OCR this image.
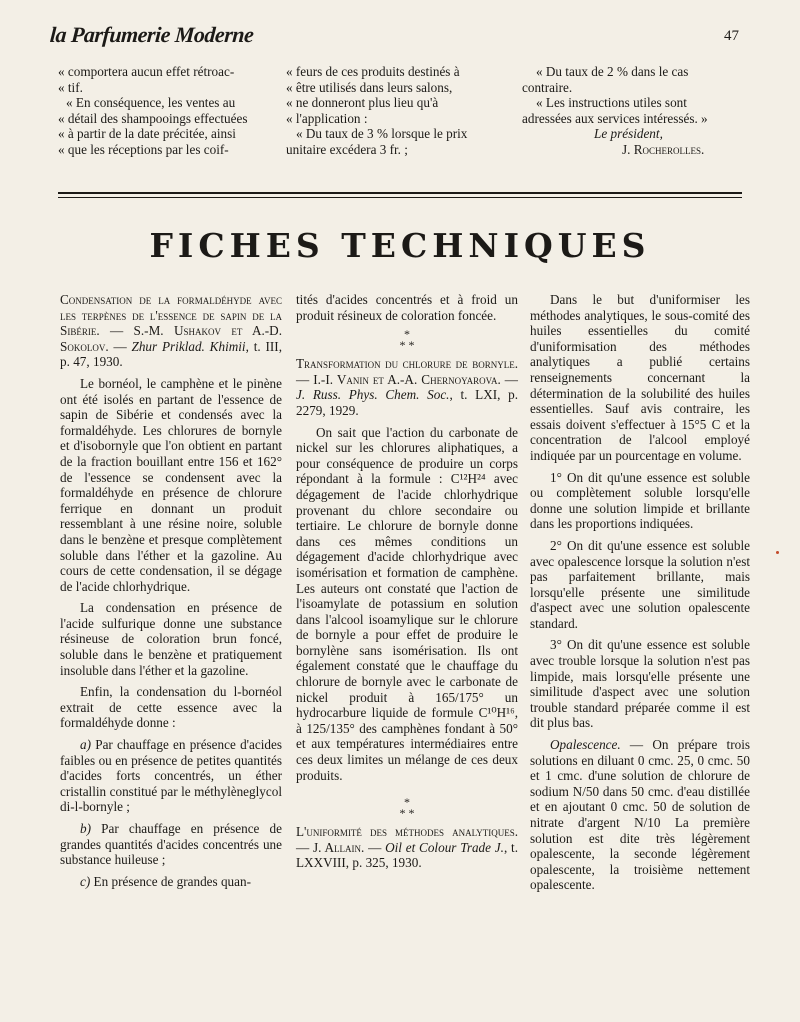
la Parfumerie Moderne	47

« comportera aucun effet rétroac-

« tif.

« En conséquence, les ventes au

« détail des shampooings effectuées

« à partir de la date précitée, ainsi

« que les réceptions par les coif-

« feurs de ces produits destinés à

« être utilisés dans leurs salons,

« ne donneront plus lieu qu'à

« l'application :

« Du taux de 3 % lorsque le prix

unitaire excédera 3 fr. ;

« Du taux de 2 % dans le cas

contraire.

« Les instructions utiles sont

adressées aux services intéressés. »

Le président,

J. Rocherolles.

FICHES TECHNIQUES

Condensation de la formaldéhyde avec les terpènes de l'essence de sapin de la Sibérie. — S.-M. Ushakov et A.-D. Sokolov. — Zhur Priklad. Khimii, t. III, p. 47, 1930.

Le bornéol, le camphène et le pinène ont été isolés en partant de l'essence de sapin de Sibérie et condensés avec la formaldéhyde. Les chlorures de bornyle et d'isobornyle que l'on obtient en partant de la fraction bouillant entre 156 et 162° de l'essence se condensent avec la formaldéhyde en présence de chlorure ferrique en donnant un produit ressemblant à une résine noire, soluble dans le benzène et presque complètement soluble dans l'éther et la gazoline. Au cours de cette condensation, il se dégage de l'acide chlorhydrique.

La condensation en présence de l'acide sulfurique donne une substance résineuse de coloration brun foncé, soluble dans le benzène et pratiquement insoluble dans l'éther et la gazoline.

Enfin, la condensation du l-bornéol extrait de cette essence avec la formaldéhyde donne :

a) Par chauffage en présence d'acides faibles ou en présence de petites quantités d'acides forts concentrés, un éther cristallin constitué par le méthylèneglycol di-l-bornyle ;

b) Par chauffage en présence de grandes quantités d'acides concentrés une substance huileuse ;

c) En présence de grandes quan-

tités d'acides concentrés et à froid un produit résineux de coloration foncée.

*
* *

Transformation du chlorure de bornyle. — I.-I. Vanin et A.-A. Chernoyarova. — J. Russ. Phys. Chem. Soc., t. LXI, p. 2279, 1929.

On sait que l'action du carbonate de nickel sur les chlorures aliphatiques, a pour conséquence de produire un corps répondant à la formule : C¹²H²⁴ avec dégagement de l'acide chlorhydrique provenant du chlore secondaire ou tertiaire. Le chlorure de bornyle donne dans ces mêmes conditions un dégagement d'acide chlorhydrique avec isomérisation et formation de camphène. Les auteurs ont constaté que l'action de l'isoamylate de potassium en solution dans l'alcool isoamylique sur le chlorure de bornyle a pour effet de produire le bornylène sans isomérisation. Ils ont également constaté que le chauffage du chlorure de bornyle avec le carbonate de nickel produit à 165/175° un hydrocarbure liquide de formule C¹⁰H¹⁶, à 125/135° des camphènes fondant à 50° et aux températures intermédiaires entre ces deux limites un mélange de ces deux produits.

*
* *

L'uniformité des méthodes analytiques. — J. Allain. — Oil et Colour Trade J., t. LXXVIII, p. 325, 1930.

Dans le but d'uniformiser les méthodes analytiques, le sous-comité des huiles essentielles du comité d'uniformisation des méthodes analytiques a publié certains renseignements concernant la détermination de la solubilité des huiles essentielles. Sauf avis contraire, les essais doivent s'effectuer à 15°5 C et la concentration de l'alcool employé indiquée par un pourcentage en volume.

1° On dit qu'une essence est soluble ou complètement soluble lorsqu'elle donne une solution limpide et brillante dans les proportions indiquées.

2° On dit qu'une essence est soluble avec opalescence lorsque la solution n'est pas parfaitement brillante, mais lorsqu'elle présente une similitude d'aspect avec une solution opalescente standard.

3° On dit qu'une essence est soluble avec trouble lorsque la solution n'est pas limpide, mais lorsqu'elle présente une similitude d'aspect avec une solution trouble standard préparée comme il est dit plus bas.

Opalescence. — On prépare trois solutions en diluant 0 cmc. 25, 0 cmc. 50 et 1 cmc. d'une solution de chlorure de sodium N/50 dans 50 cmc. d'eau distillée et en ajoutant 0 cmc. 50 de solution de nitrate d'argent N/10 La première solution est dite très légèrement opalescente, la seconde légèrement opalescente, la troisième nettement opalescente.
